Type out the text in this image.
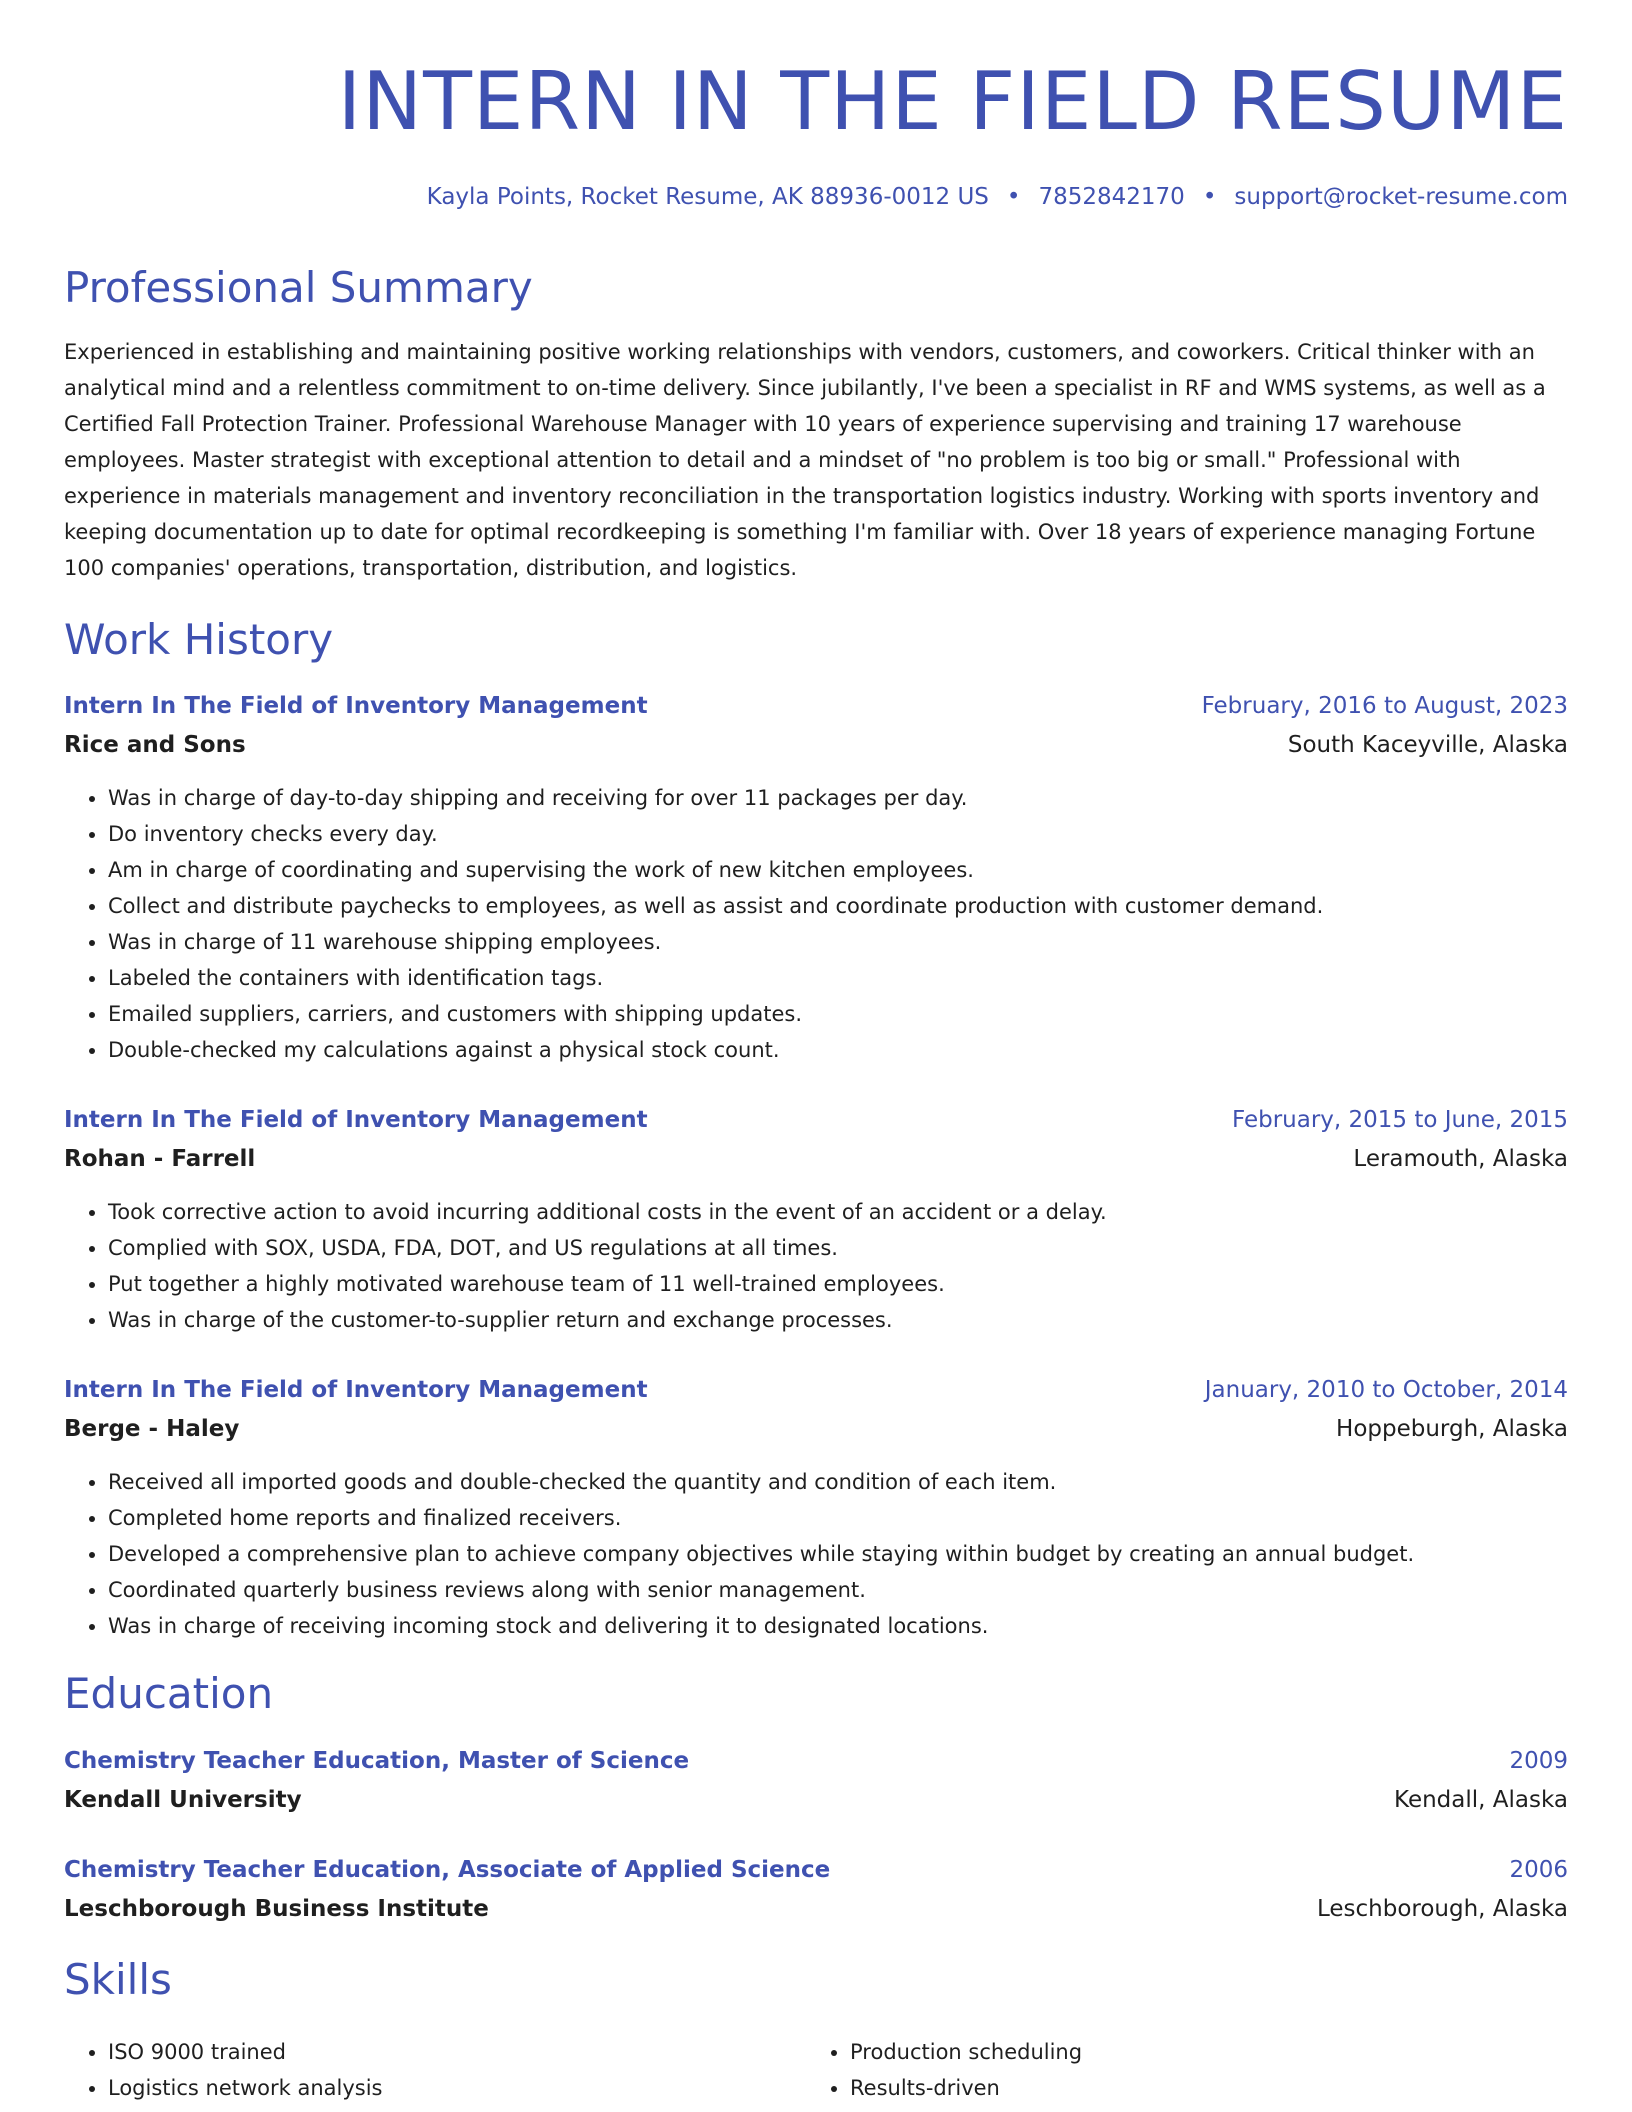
INTERN IN THE FIELD RESUME
Kayla Points, Rocket Resume, AK 88936-0012 US • 7852842170 • support@rocket-resume.com
Professional Summary

Experienced in establishing and maintaining positive working relationships with vendors, customers, and coworkers. Critical thinker with an analytical mind and a relentless commitment to on-time delivery. Since jubilantly, I've been a specialist in RF and WMS systems, as well as a Certified Fall Protection Trainer. Professional Warehouse Manager with 10 years of experience supervising and training 17 warehouse employees. Master strategist with exceptional attention to detail and a mindset of "no problem is too big or small." Professional with experience in materials management and inventory reconciliation in the transportation logistics industry. Working with sports inventory and keeping documentation up to date for optimal recordkeeping is something I'm familiar with. Over 18 years of experience managing Fortune 100 companies' operations, transportation, distribution, and logistics.

Work History
Intern In The Field of Inventory Management	February, 2016 to August, 2023
Rice and Sons	South Kaceyville, Alaska
• Was in charge of day-to-day shipping and receiving for over 11 packages per day.
• Do inventory checks every day.
• Am in charge of coordinating and supervising the work of new kitchen employees.
• Collect and distribute paychecks to employees, as well as assist and coordinate production with customer demand.
• Was in charge of 11 warehouse shipping employees.
• Labeled the containers with identification tags.
• Emailed suppliers, carriers, and customers with shipping updates.
• Double-checked my calculations against a physical stock count.
Intern In The Field of Inventory Management	February, 2015 to June, 2015
Rohan - Farrell	Leramouth, Alaska
• Took corrective action to avoid incurring additional costs in the event of an accident or a delay.
• Complied with SOX, USDA, FDA, DOT, and US regulations at all times.
• Put together a highly motivated warehouse team of 11 well-trained employees.
• Was in charge of the customer-to-supplier return and exchange processes.
Intern In The Field of Inventory Management	January, 2010 to October, 2014
Berge - Haley	Hoppeburgh, Alaska
• Received all imported goods and double-checked the quantity and condition of each item.
• Completed home reports and finalized receivers.
• Developed a comprehensive plan to achieve company objectives while staying within budget by creating an annual budget.
• Coordinated quarterly business reviews along with senior management.
• Was in charge of receiving incoming stock and delivering it to designated locations.
Education
Chemistry Teacher Education, Master of Science	2009
Kendall University	Kendall, Alaska
Chemistry Teacher Education, Associate of Applied Science	2006
Leschborough Business Institute	Leschborough, Alaska
Skills
• ISO 9000 trained
• Logistics network analysis
• Production scheduling
• Results-driven
